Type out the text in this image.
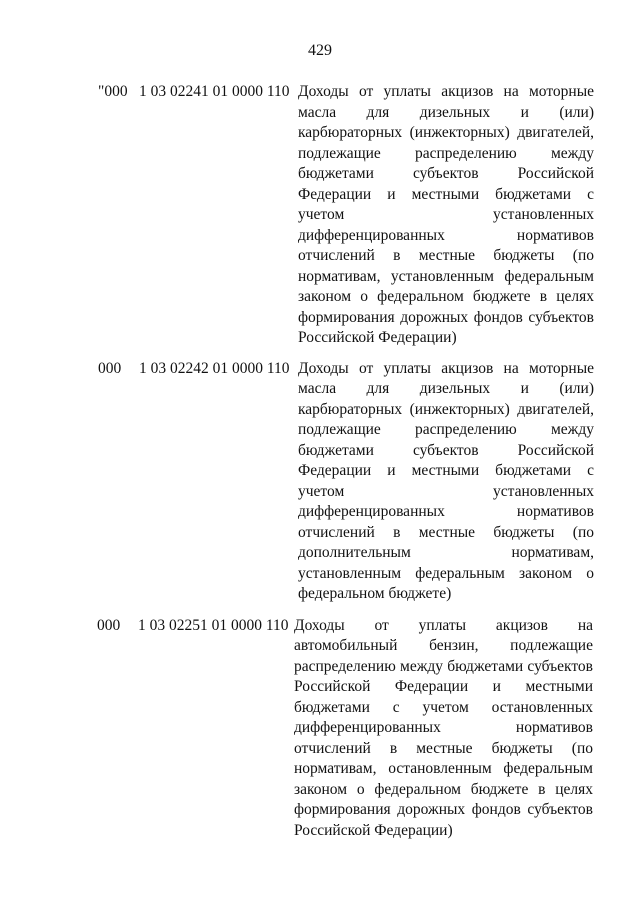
429
"000 1 03 02241 01 0000 110 Доходы от уплаты акцизов на моторные масла для дизельных и (или) карбюраторных (инжекторных) двигателей, подлежащие распределению между бюджетами субъектов Российской Федерации и местными бюджетами с учетом установленных дифференцированных нормативов отчислений в местные бюджеты (по нормативам, установленным федеральным законом о федеральном бюджете в целях формирования дорожных фондов субъектов Российской Федерации)
000 1 03 02242 01 0000 110 Доходы от уплаты акцизов на моторные масла для дизельных и (или) карбюраторных (инжекторных) двигателей, подлежащие распределению между бюджетами субъектов Российской Федерации и местными бюджетами с учетом установленных дифференцированных нормативов отчислений в местные бюджеты (по дополнительным нормативам, установленным федеральным законом о федеральном бюджете)
000 1 03 02251 01 0000 110 Доходы от уплаты акцизов на автомобильный бензин, подлежащие распределению между бюджетами субъектов Российской Федерации и местными бюджетами с учетом остановленных дифференцированных нормативов отчислений в местные бюджеты (по нормативам, остановленным федеральным законом о федеральном бюджете в целях формирования дорожных фондов субъектов Российской Федерации)
